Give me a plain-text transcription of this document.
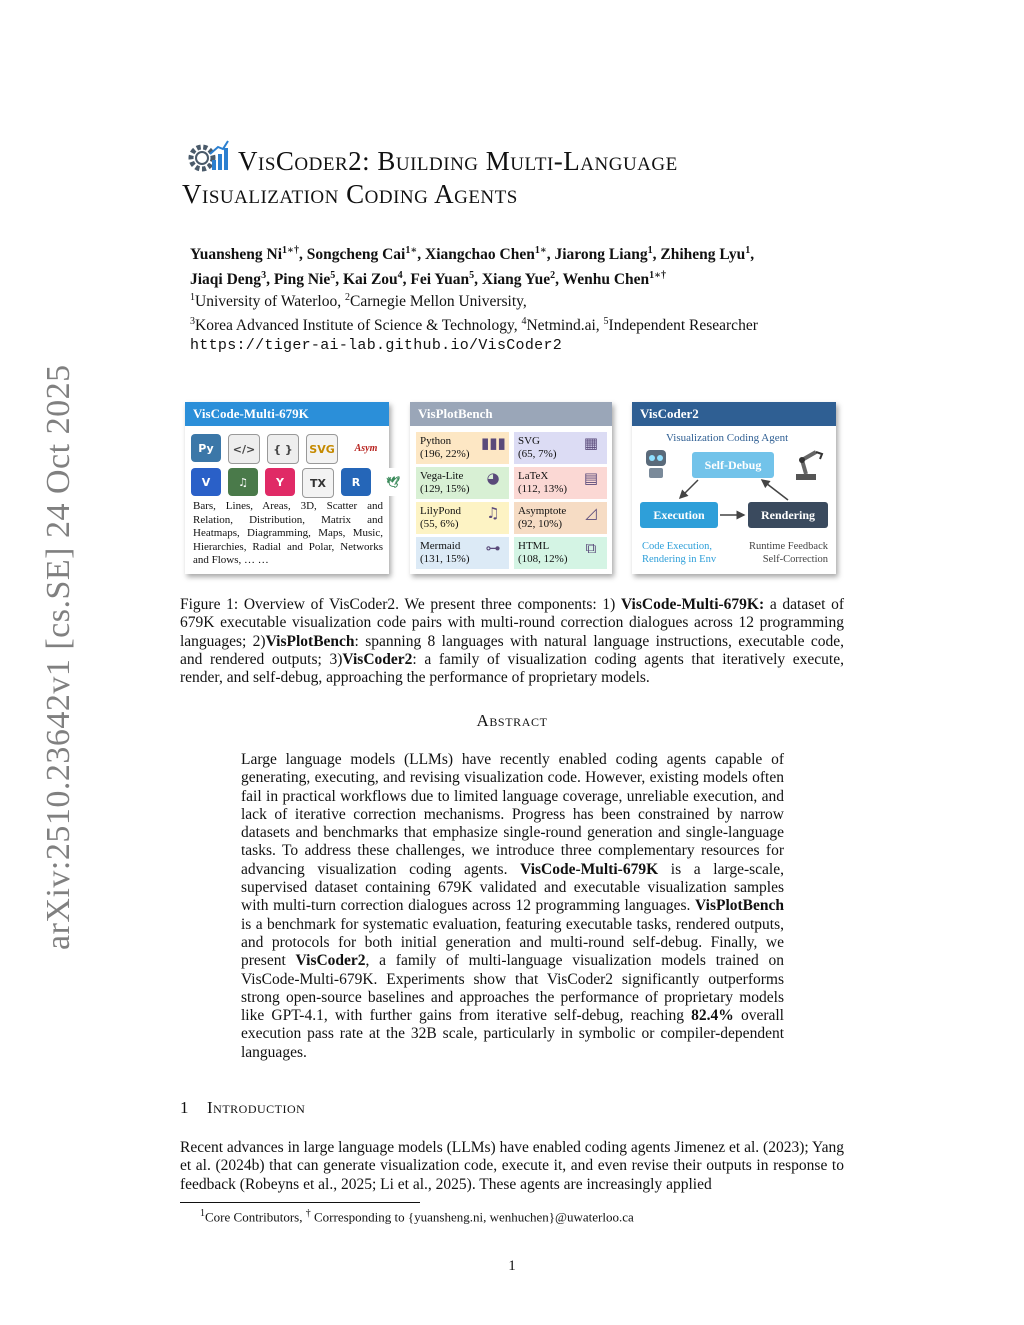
arXiv:2510.23642v1 [cs.SE] 24 Oct 2025
VisCoder2: Building Multi-Language
Visualization Coding Agents
Yuansheng $Ni^{1∗\dagger}$, Songcheng Cai$^{1∗}$, Xiangchao Chen$^{1∗}$, Jiarong Liang$^1$, Zhiheng Lyu$^1$,
Jiaqi Deng$^3$, Ping Nie$^5$, Kai Zou$^4$, Fei Yuan$^5$, Xiang Yue$^2$, Wenhu Chen$^{1∗\dagger}$
$^1$University of Waterloo, $^2$Carnegie Mellon University,
$^3$Korea Advanced Institute of Science & Technology, $^4$Netmind.ai, $^5$Independent Researcher
https://tiger-ai-lab.github.io/VisCoder2
VisCode-Multi-679K
Py	</>	{ }	SVG	Asym
V	♫	Y	TX	R	🕊
Bars, Lines, Areas, 3D, Scatter and Relation, Distribution, Matrix and Heatmaps, Diagramming, Maps, Music, Hierarchies, Radial and Polar, Networks and Flows, … …
VisPlotBench
Python
(196, 22%)
▮▮▮ SVG
(65, 7%)
▦
Vega-Lite
(129, 15%)
◕	LaTeX
(112, 13%)
▤
LilyPond
(55, 6%)
♫	Asymptote
(92, 10%)
◿
Mermaid
(131, 15%)
⊶	HTML
(108, 12%)
⧉
VisCoder2
Visualization Coding Agent
Self-Debug
Execution	Rendering
Code Execution,
Rendering in Env
Runtime Feedback
Self-Correction
Figure 1: Overview of VisCoder2. We present three components: 1) VisCode-Multi-679K: a dataset of 679K executable visualization code pairs with multi-round correction dialogues across 12 programming languages; 2)VisPlotBench: spanning 8 languages with natural language instructions, executable code, and rendered outputs; 3)VisCoder2: a family of visualization coding agents that iteratively execute, render, and self-debug, approaching the performance of proprietary models.
Abstract
Large language models (LLMs) have recently enabled coding agents capable of generating, executing, and revising visualization code. However, existing models often fail in practical workflows due to limited language coverage, unreliable execution, and lack of iterative correction mechanisms. Progress has been constrained by narrow datasets and benchmarks that emphasize single-round generation and single-language tasks. To address these challenges, we introduce three complementary resources for advancing visualization coding agents. VisCode-Multi-679K is a large-scale, supervised dataset containing 679K validated and executable visualization samples with multi-turn correction dialogues across 12 programming languages. VisPlotBench is a benchmark for systematic evaluation, featuring executable tasks, rendered outputs, and protocols for both initial generation and multi-round self-debug. Finally, we present VisCoder2, a family of multi-language visualization models trained on VisCode-Multi-679K. Experiments show that VisCoder2 significantly outperforms strong open-source baselines and approaches the performance of proprietary models like GPT-4.1, with further gains from iterative self-debug, reaching 82.4% overall execution pass rate at the 32B scale, particularly in symbolic or compiler-dependent languages.
1 Introduction
Recent advances in large language models (LLMs) have enabled coding agents Jimenez et al. (2023); Yang et al. (2024b) that can generate visualization code, execute it, and even revise their outputs in response to feedback (Robeyns et al., 2025; Li et al., 2025). These agents are increasingly applied
$^1$Core Contributors, † Corresponding to {yuansheng.ni, wenhuchen}@uwaterloo.ca
1
